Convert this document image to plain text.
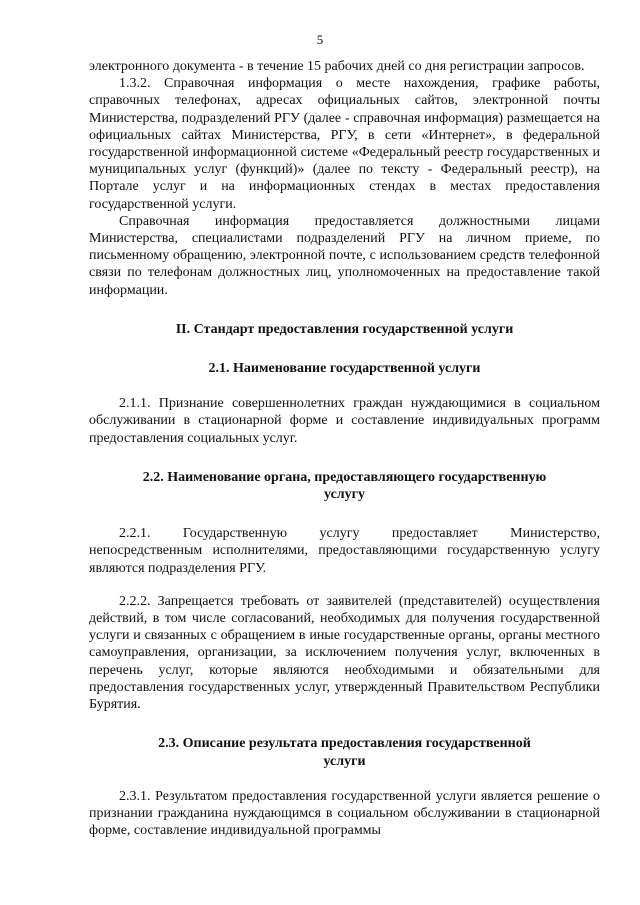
5

электронного документа - в течение 15 рабочих дней со дня регистрации запросов.

1.3.2. Справочная информация о месте нахождения, графике работы, справочных телефонах, адресах официальных сайтов, электронной почты Министерства, подразделений РГУ (далее - справочная информация) размещается на официальных сайтах Министерства, РГУ, в сети «Интернет», в федеральной государственной информационной системе «Федеральный реестр государственных и муниципальных услуг (функций)» (далее по тексту - Федеральный реестр), на Портале услуг и на информационных стендах в местах предоставления государственной услуги.

Справочная информация предоставляется должностными лицами Министерства, специалистами подразделений РГУ на личном приеме, по письменному обращению, электронной почте, с использованием средств телефонной связи по телефонам должностных лиц, уполномоченных на предоставление такой информации.

II. Стандарт предоставления государственной услуги
2.1. Наименование государственной услуги

2.1.1. Признание совершеннолетних граждан нуждающимися в социальном обслуживании в стационарной форме и составление индивидуальных программ предоставления социальных услуг.

2.2. Наименование органа, предоставляющего государственную
услугу

2.2.1. Государственную услугу предоставляет Министерство, непосредственным исполнителями, предоставляющими государственную услугу являются подразделения РГУ.

2.2.2. Запрещается требовать от заявителей (представителей) осуществления действий, в том числе согласований, необходимых для получения государственной услуги и связанных с обращением в иные государственные органы, органы местного самоуправления, организации, за исключением получения услуг, включенных в перечень услуг, которые являются необходимыми и обязательными для предоставления государственных услуг, утвержденный Правительством Республики Бурятия.

2.3. Описание результата предоставления государственной
услуги

2.3.1. Результатом предоставления государственной услуги является решение о признании гражданина нуждающимся в социальном обслуживании в стационарной форме, составление индивидуальной программы
